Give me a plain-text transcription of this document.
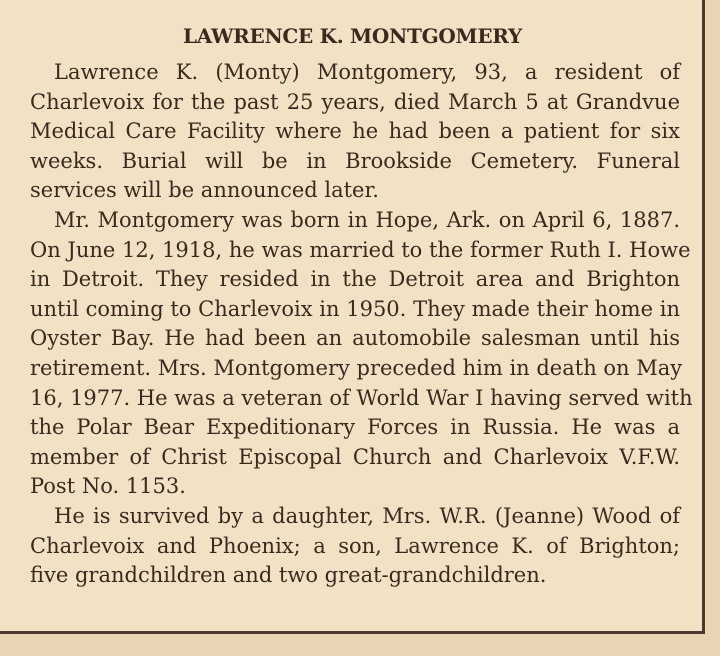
LAWRENCE K. MONTGOMERY
Lawrence K. (Monty) Montgomery, 93, a resident of
Charlevoix for the past 25 years, died March 5 at Grandvue
Medical Care Facility where he had been a patient for six
weeks. Burial will be in Brookside Cemetery. Funeral
services will be announced later.
Mr. Montgomery was born in Hope, Ark. on April 6, 1887.
On June 12, 1918, he was married to the former Ruth I. Howe
in Detroit. They resided in the Detroit area and Brighton
until coming to Charlevoix in 1950. They made their home in
Oyster Bay. He had been an automobile salesman until his
retirement. Mrs. Montgomery preceded him in death on May
16, 1977. He was a veteran of World War I having served with
the Polar Bear Expeditionary Forces in Russia. He was a
member of Christ Episcopal Church and Charlevoix V.F.W.
Post No. 1153.
He is survived by a daughter, Mrs. W.R. (Jeanne) Wood of
Charlevoix and Phoenix; a son, Lawrence K. of Brighton;
five grandchildren and two great-grandchildren.
